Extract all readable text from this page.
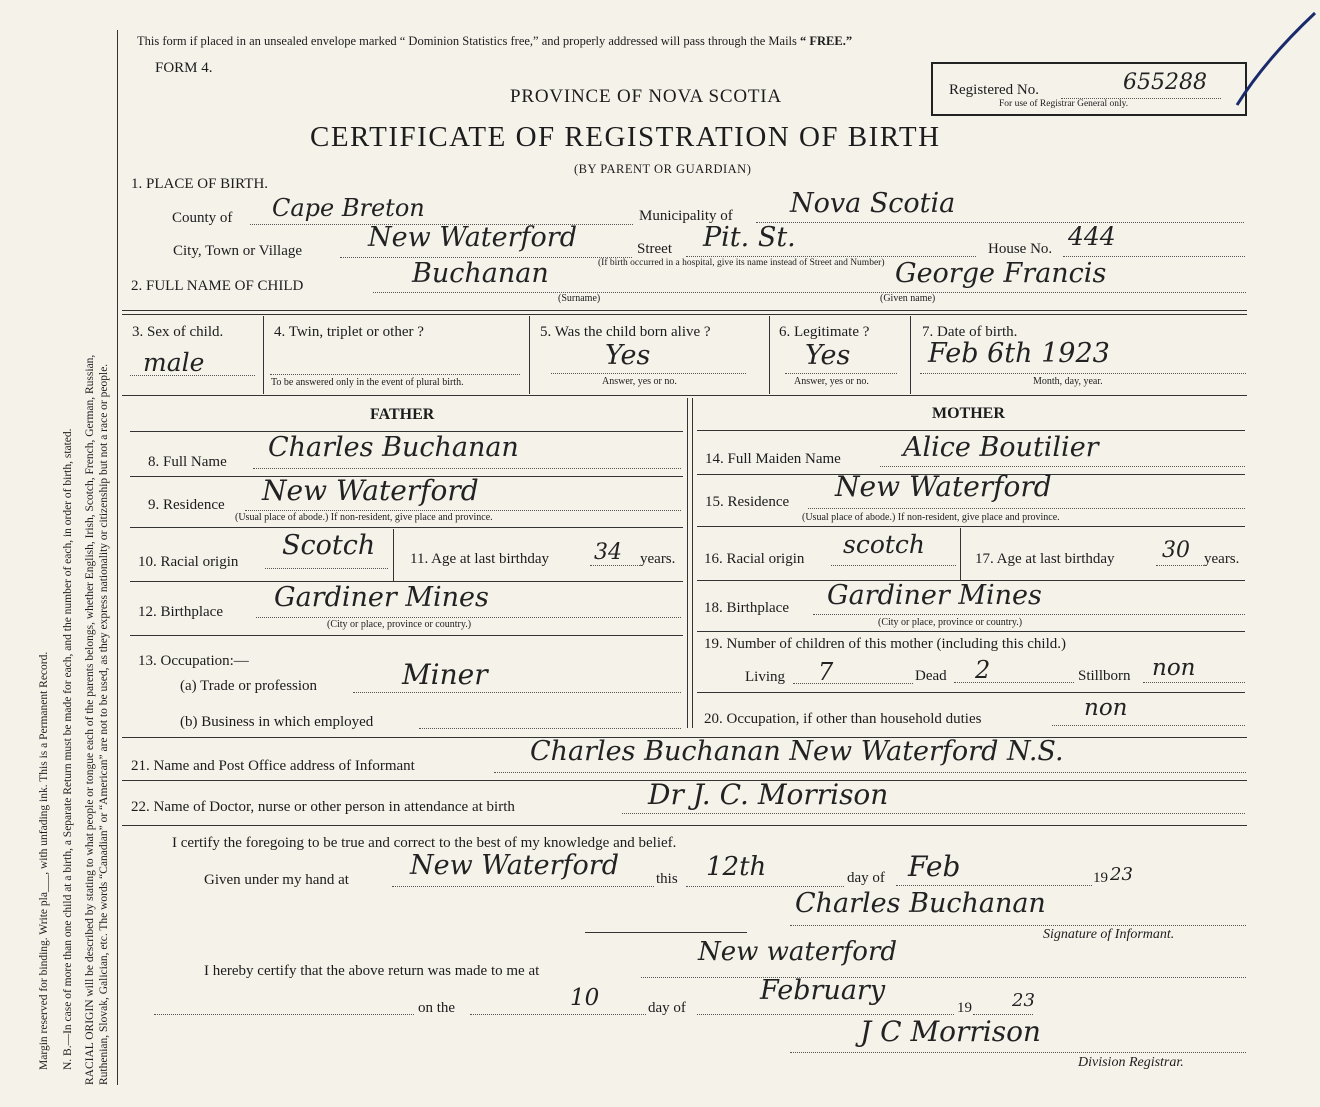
Margin reserved for binding. Write pla___, with unfading ink. This is a Permanent Record. N. B.—In case of more than one child at a birth, a Separate Return must be made for each, and the number of each, in order of birth, stated. RACIAL ORIGIN will be described by stating to what people or tongue each of the parents belongs, whether English, Irish, Scotch, French, German, Russian, Ruthenian, Slovak, Galician, etc. The words “Canadian” or “American” are not to be used, as they express nationality or citizenship but not a race or people.
This form if placed in an unsealed envelope marked “ Dominion Statistics free,” and properly addressed will pass through the Mails “ FREE.”
FORM 4.
Registered No.	655288
For use of Registrar General only.
PROVINCE OF NOVA SCOTIA
CERTIFICATE OF REGISTRATION OF BIRTH
(BY PARENT OR GUARDIAN)
1. PLACE OF BIRTH.
County of Cape Breton	Municipality of Nova Scotia
City, Town or Village New Waterford	Street Pit. St.
(If birth occurred in a hospital, give its name instead of Street and Number)
House No. 444
2. FULL NAME OF CHILD	Buchanan
(Surname)
George Francis
(Given name)
3. Sex of child.
male
4. Twin, triplet or other ?
To be answered only in the event of plural birth.
5. Was the child born alive ?
Yes
Answer, yes or no.
6. Legitimate ?
Yes
Answer, yes or no.
7. Date of birth.
Feb 6th 1923
Month, day, year.
FATHER	MOTHER
8. Full Name Charles Buchanan
9. Residence New Waterford
(Usual place of abode.) If non-resident, give place and province.
10. Racial origin
Scotch 11. Age at last birthday 34 years.
12. Birthplace Gardiner Mines
(City or place, province or country.)
13. Occupation:—
(a) Trade or profession	Miner
(b) Business in which employed
14. Full Maiden Name Alice Boutilier
15. Residence New Waterford
(Usual place of abode.) If non-resident, give place and province.
16. Racial origin scotch	17. Age at last birthday 30 years.
18. Birthplace Gardiner Mines
(City or place, province or country.)
19. Number of children of this mother (including this child.)
Living 7	Dead 2	Stillborn non
20. Occupation, if other than household duties	non
21. Name and Post Office address of Informant	Charles Buchanan New Waterford N.S.
22. Name of Doctor, nurse or other person in attendance at birth	Dr J. C. Morrison
I certify the foregoing to be true and correct to the best of my knowledge and belief.
Given under my hand at New Waterford this 12th	day of Feb	19 23
Charles Buchanan
Signature of Informant.
I hereby certify that the above return was made to me at
New waterford
on the	10	day of
February
19 23
J C Morrison
Division Registrar.
